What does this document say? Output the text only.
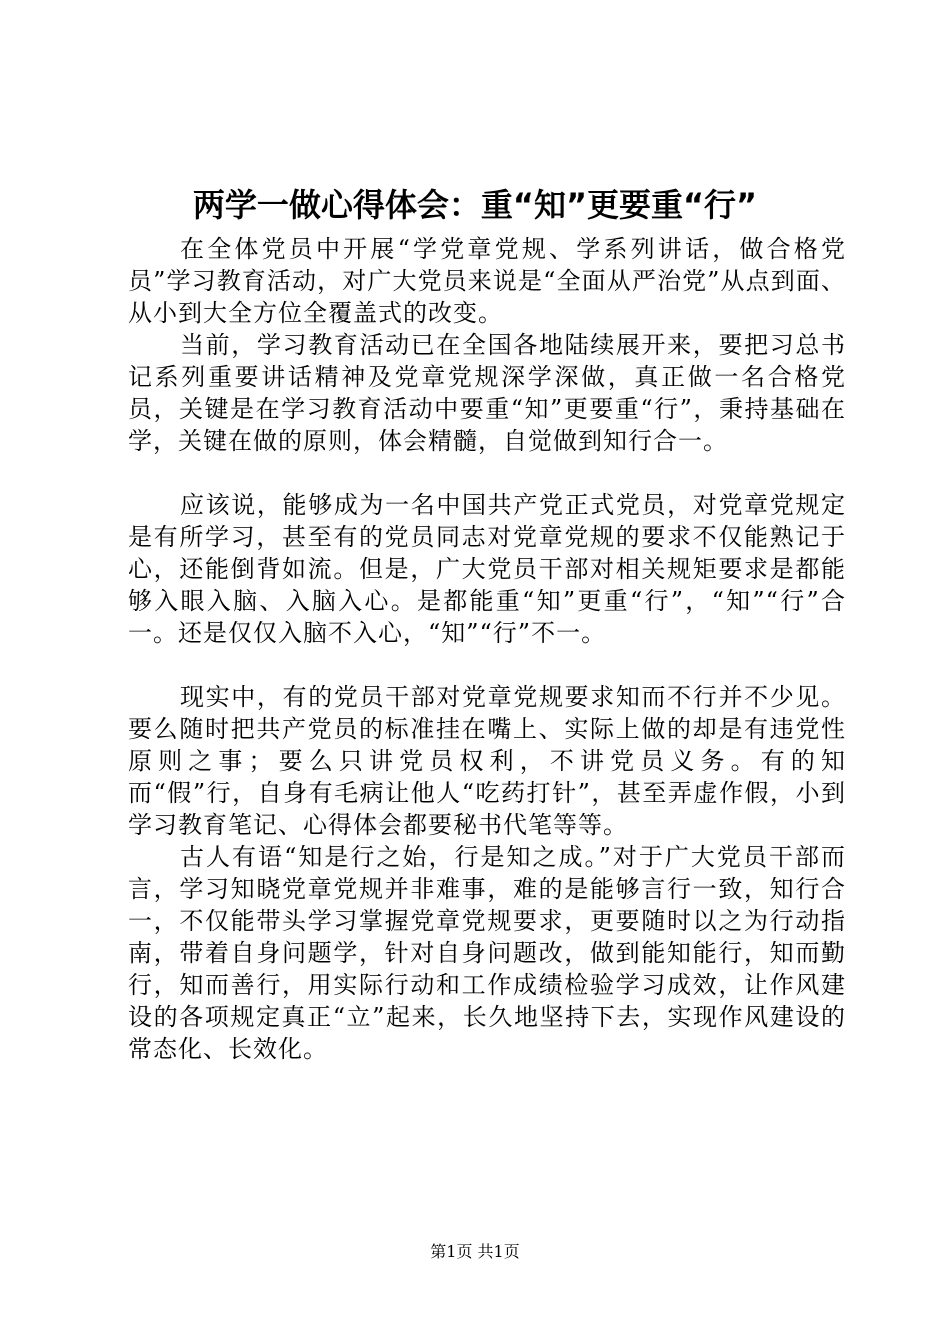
两学一做心得体会：重“知”更要重“行”

在全体党员中开展“学党章党规、学系列讲话，做合格党员”学习教育活动，对广大党员来说是“全面从严治党”从点到面、从小到大全方位全覆盖式的改变。

当前，学习教育活动已在全国各地陆续展开来，要把习总书记系列重要讲话精神及党章党规深学深做，真正做一名合格党员，关键是在学习教育活动中要重“知”更要重“行”，秉持基础在学，关键在做的原则，体会精髓，自觉做到知行合一。

应该说，能够成为一名中国共产党正式党员，对党章党规定是有所学习，甚至有的党员同志对党章党规的要求不仅能熟记于心，还能倒背如流。但是，广大党员干部对相关规矩要求是都能够入眼入脑、入脑入心。是都能重“知”更重“行”，“知”“行”合一。还是仅仅入脑不入心，“知”“行”不一。

现实中，有的党员干部对党章党规要求知而不行并不少见。要么随时把共产党员的标准挂在嘴上、实际上做的却是有违党性原则之事；要么只讲党员权利，不讲党员义务。有的知而“假”行，自身有毛病让他人“吃药打针”，甚至弄虚作假，小到学习教育笔记、心得体会都要秘书代笔等等。

古人有语“知是行之始，行是知之成。”对于广大党员干部而言，学习知晓党章党规并非难事，难的是能够言行一致，知行合一，不仅能带头学习掌握党章党规要求，更要随时以之为行动指南，带着自身问题学，针对自身问题改，做到能知能行，知而勤行，知而善行，用实际行动和工作成绩检验学习成效，让作风建设的各项规定真正“立”起来，长久地坚持下去，实现作风建设的常态化、长效化。

第1页 共1页
